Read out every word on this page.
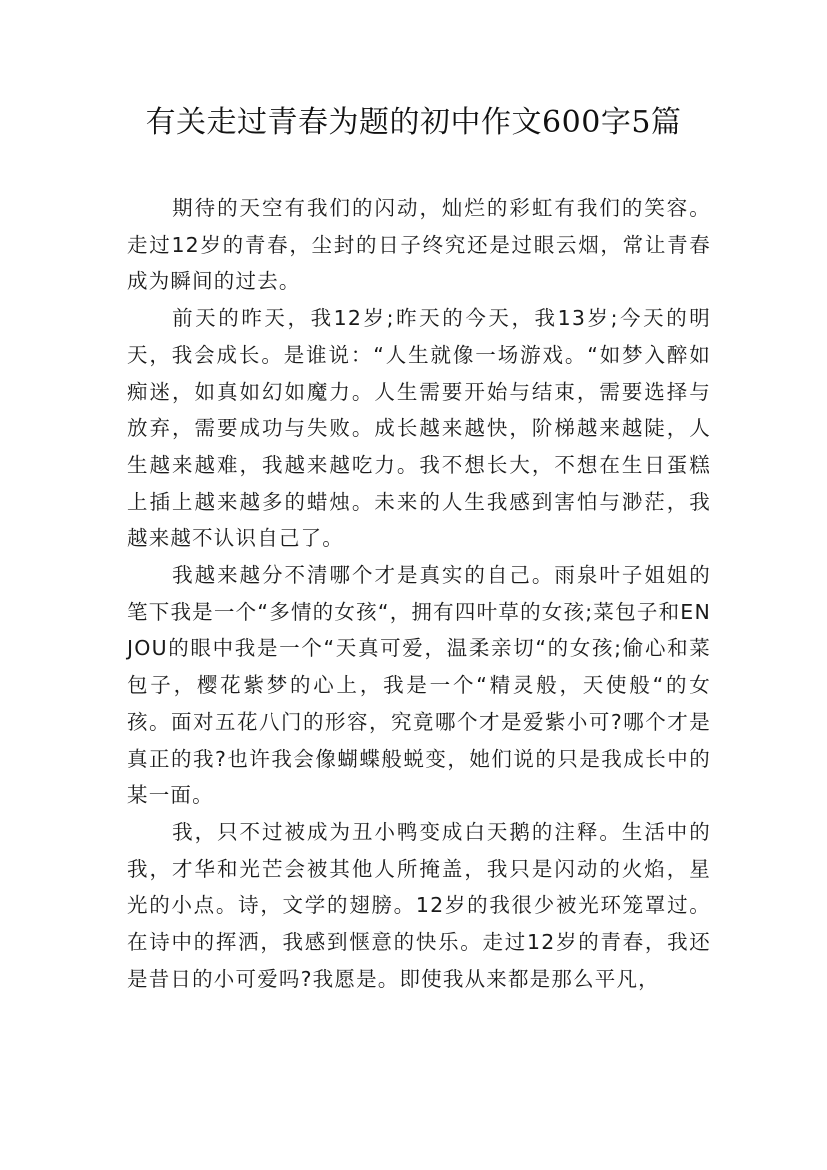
有关走过青春为题的初中作文600字5篇

期待的天空有我们的闪动，灿烂的彩虹有我们的笑容。走过12岁的青春，尘封的日子终究还是过眼云烟，常让青春成为瞬间的过去。

前天的昨天，我12岁;昨天的今天，我13岁;今天的明天，我会成长。是谁说：“人生就像一场游戏。“如梦入醉如痴迷，如真如幻如魔力。人生需要开始与结束，需要选择与放弃，需要成功与失败。成长越来越快，阶梯越来越陡，人生越来越难，我越来越吃力。我不想长大，不想在生日蛋糕上插上越来越多的蜡烛。未来的人生我感到害怕与渺茫，我越来越不认识自己了。

我越来越分不清哪个才是真实的自己。雨泉叶子姐姐的笔下我是一个“多情的女孩“，拥有四叶草的女孩;菜包子和ENJOU的眼中我是一个“天真可爱，温柔亲切“的女孩;偷心和菜包子，樱花紫梦的心上，我是一个“精灵般，天使般“的女孩。面对五花八门的形容，究竟哪个才是爱紫小可?哪个才是真正的我?也许我会像蝴蝶般蜕变，她们说的只是我成长中的某一面。

我，只不过被成为丑小鸭变成白天鹅的注释。生活中的我，才华和光芒会被其他人所掩盖，我只是闪动的火焰，星光的小点。诗，文学的翅膀。12岁的我很少被光环笼罩过。在诗中的挥洒，我感到惬意的快乐。走过12岁的青春，我还是昔日的小可爱吗?我愿是。即使我从来都是那么平凡，
